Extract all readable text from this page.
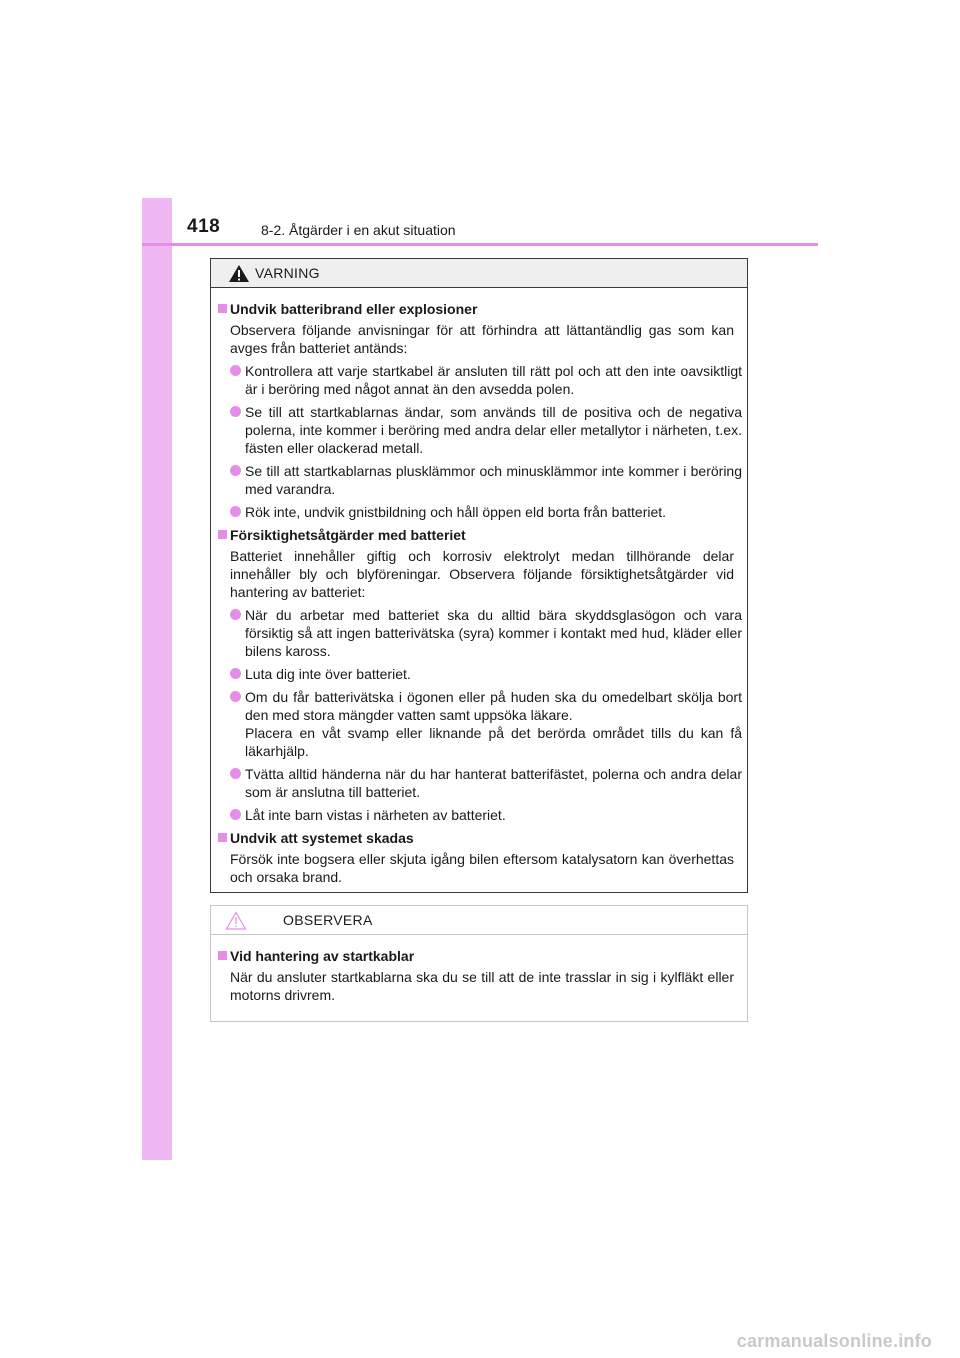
418	8-2. Åtgärder i en akut situation
VARNING
Undvik batteribrand eller explosioner
Observera följande anvisningar för att förhindra att lättantändlig gas som kan avges från batteriet antänds:
Kontrollera att varje startkabel är ansluten till rätt pol och att den inte oavsiktligt är i beröring med något annat än den avsedda polen.
Se till att startkablarnas ändar, som används till de positiva och de negativa polerna, inte kommer i beröring med andra delar eller metallytor i närheten, t.ex. fästen eller olackerad metall.
Se till att startkablarnas plusklämmor och minusklämmor inte kommer i beröring med varandra.
Rök inte, undvik gnistbildning och håll öppen eld borta från batteriet.
Försiktighetsåtgärder med batteriet
Batteriet innehåller giftig och korrosiv elektrolyt medan tillhörande delar innehåller bly och blyföreningar. Observera följande försiktighetsåtgärder vid hantering av batteriet:
När du arbetar med batteriet ska du alltid bära skyddsglasögon och vara försiktig så att ingen batterivätska (syra) kommer i kontakt med hud, kläder eller bilens kaross.
Luta dig inte över batteriet.
Om du får batterivätska i ögonen eller på huden ska du omedelbart skölja bort den med stora mängder vatten samt uppsöka läkare.
Placera en våt svamp eller liknande på det berörda området tills du kan få läkarhjälp.
Tvätta alltid händerna när du har hanterat batterifästet, polerna och andra delar som är anslutna till batteriet.
Låt inte barn vistas i närheten av batteriet.
Undvik att systemet skadas
Försök inte bogsera eller skjuta igång bilen eftersom katalysatorn kan överhettas och orsaka brand.
OBSERVERA
Vid hantering av startkablar
När du ansluter startkablarna ska du se till att de inte trasslar in sig i kylfläkt eller motorns drivrem.
carmanualsonline.info
